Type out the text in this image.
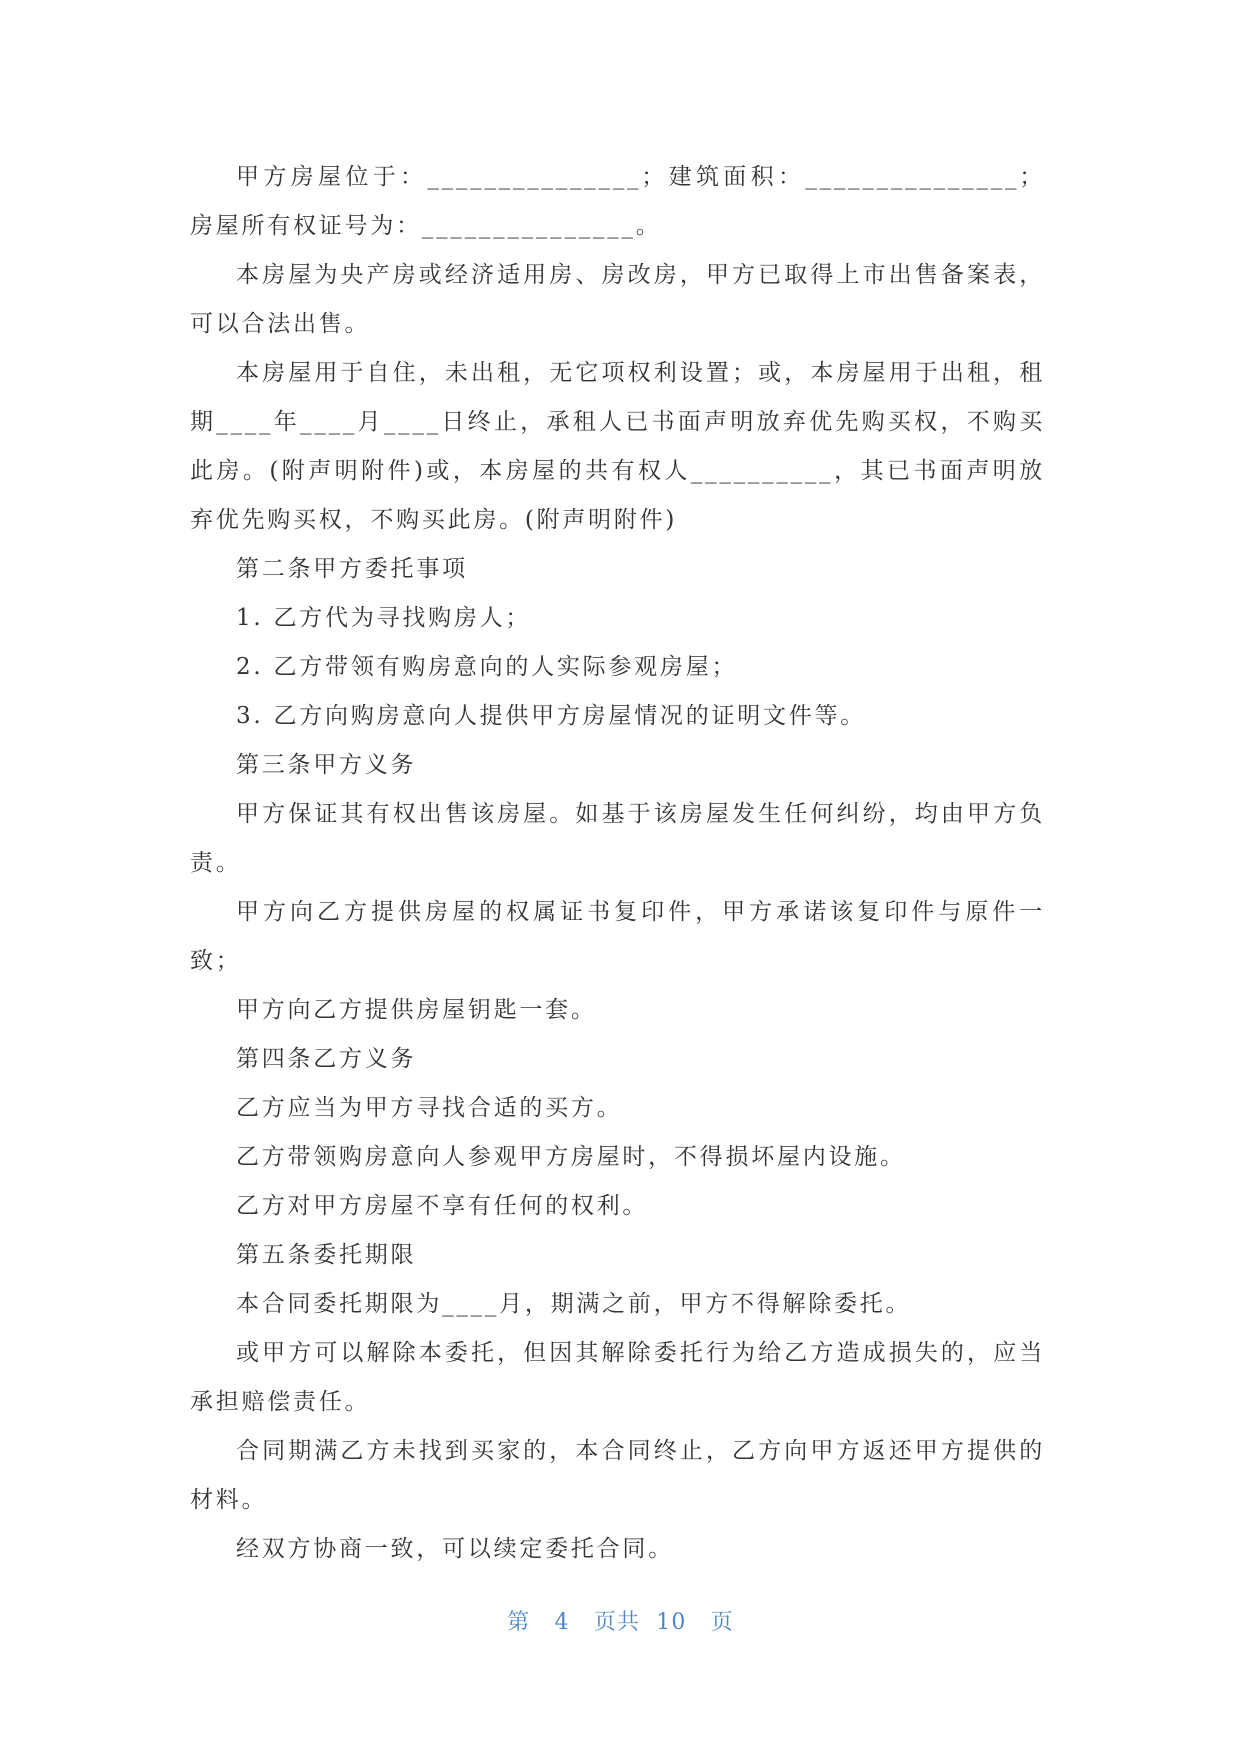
甲方房屋位于：_______________；建筑面积：_______________；房屋所有权证号为：_______________。

本房屋为央产房或经济适用房、房改房，甲方已取得上市出售备案表，可以合法出售。

本房屋用于自住，未出租，无它项权利设置；或，本房屋用于出租，租期____年____月____日终止，承租人已书面声明放弃优先购买权，不购买此房。(附声明附件)或，本房屋的共有权人__________，其已书面声明放弃优先购买权，不购买此房。(附声明附件)

第二条甲方委托事项

1. 乙方代为寻找购房人；

2. 乙方带领有购房意向的人实际参观房屋；

3. 乙方向购房意向人提供甲方房屋情况的证明文件等。

第三条甲方义务

甲方保证其有权出售该房屋。如基于该房屋发生任何纠纷，均由甲方负责。

甲方向乙方提供房屋的权属证书复印件，甲方承诺该复印件与原件一致；

甲方向乙方提供房屋钥匙一套。

第四条乙方义务

乙方应当为甲方寻找合适的买方。

乙方带领购房意向人参观甲方房屋时，不得损坏屋内设施。

乙方对甲方房屋不享有任何的权利。

第五条委托期限

本合同委托期限为____月，期满之前，甲方不得解除委托。

或甲方可以解除本委托，但因其解除委托行为给乙方造成损失的，应当承担赔偿责任。

合同期满乙方未找到买家的，本合同终止，乙方向甲方返还甲方提供的材料。

经双方协商一致，可以续定委托合同。

第 4 页共 10 页
